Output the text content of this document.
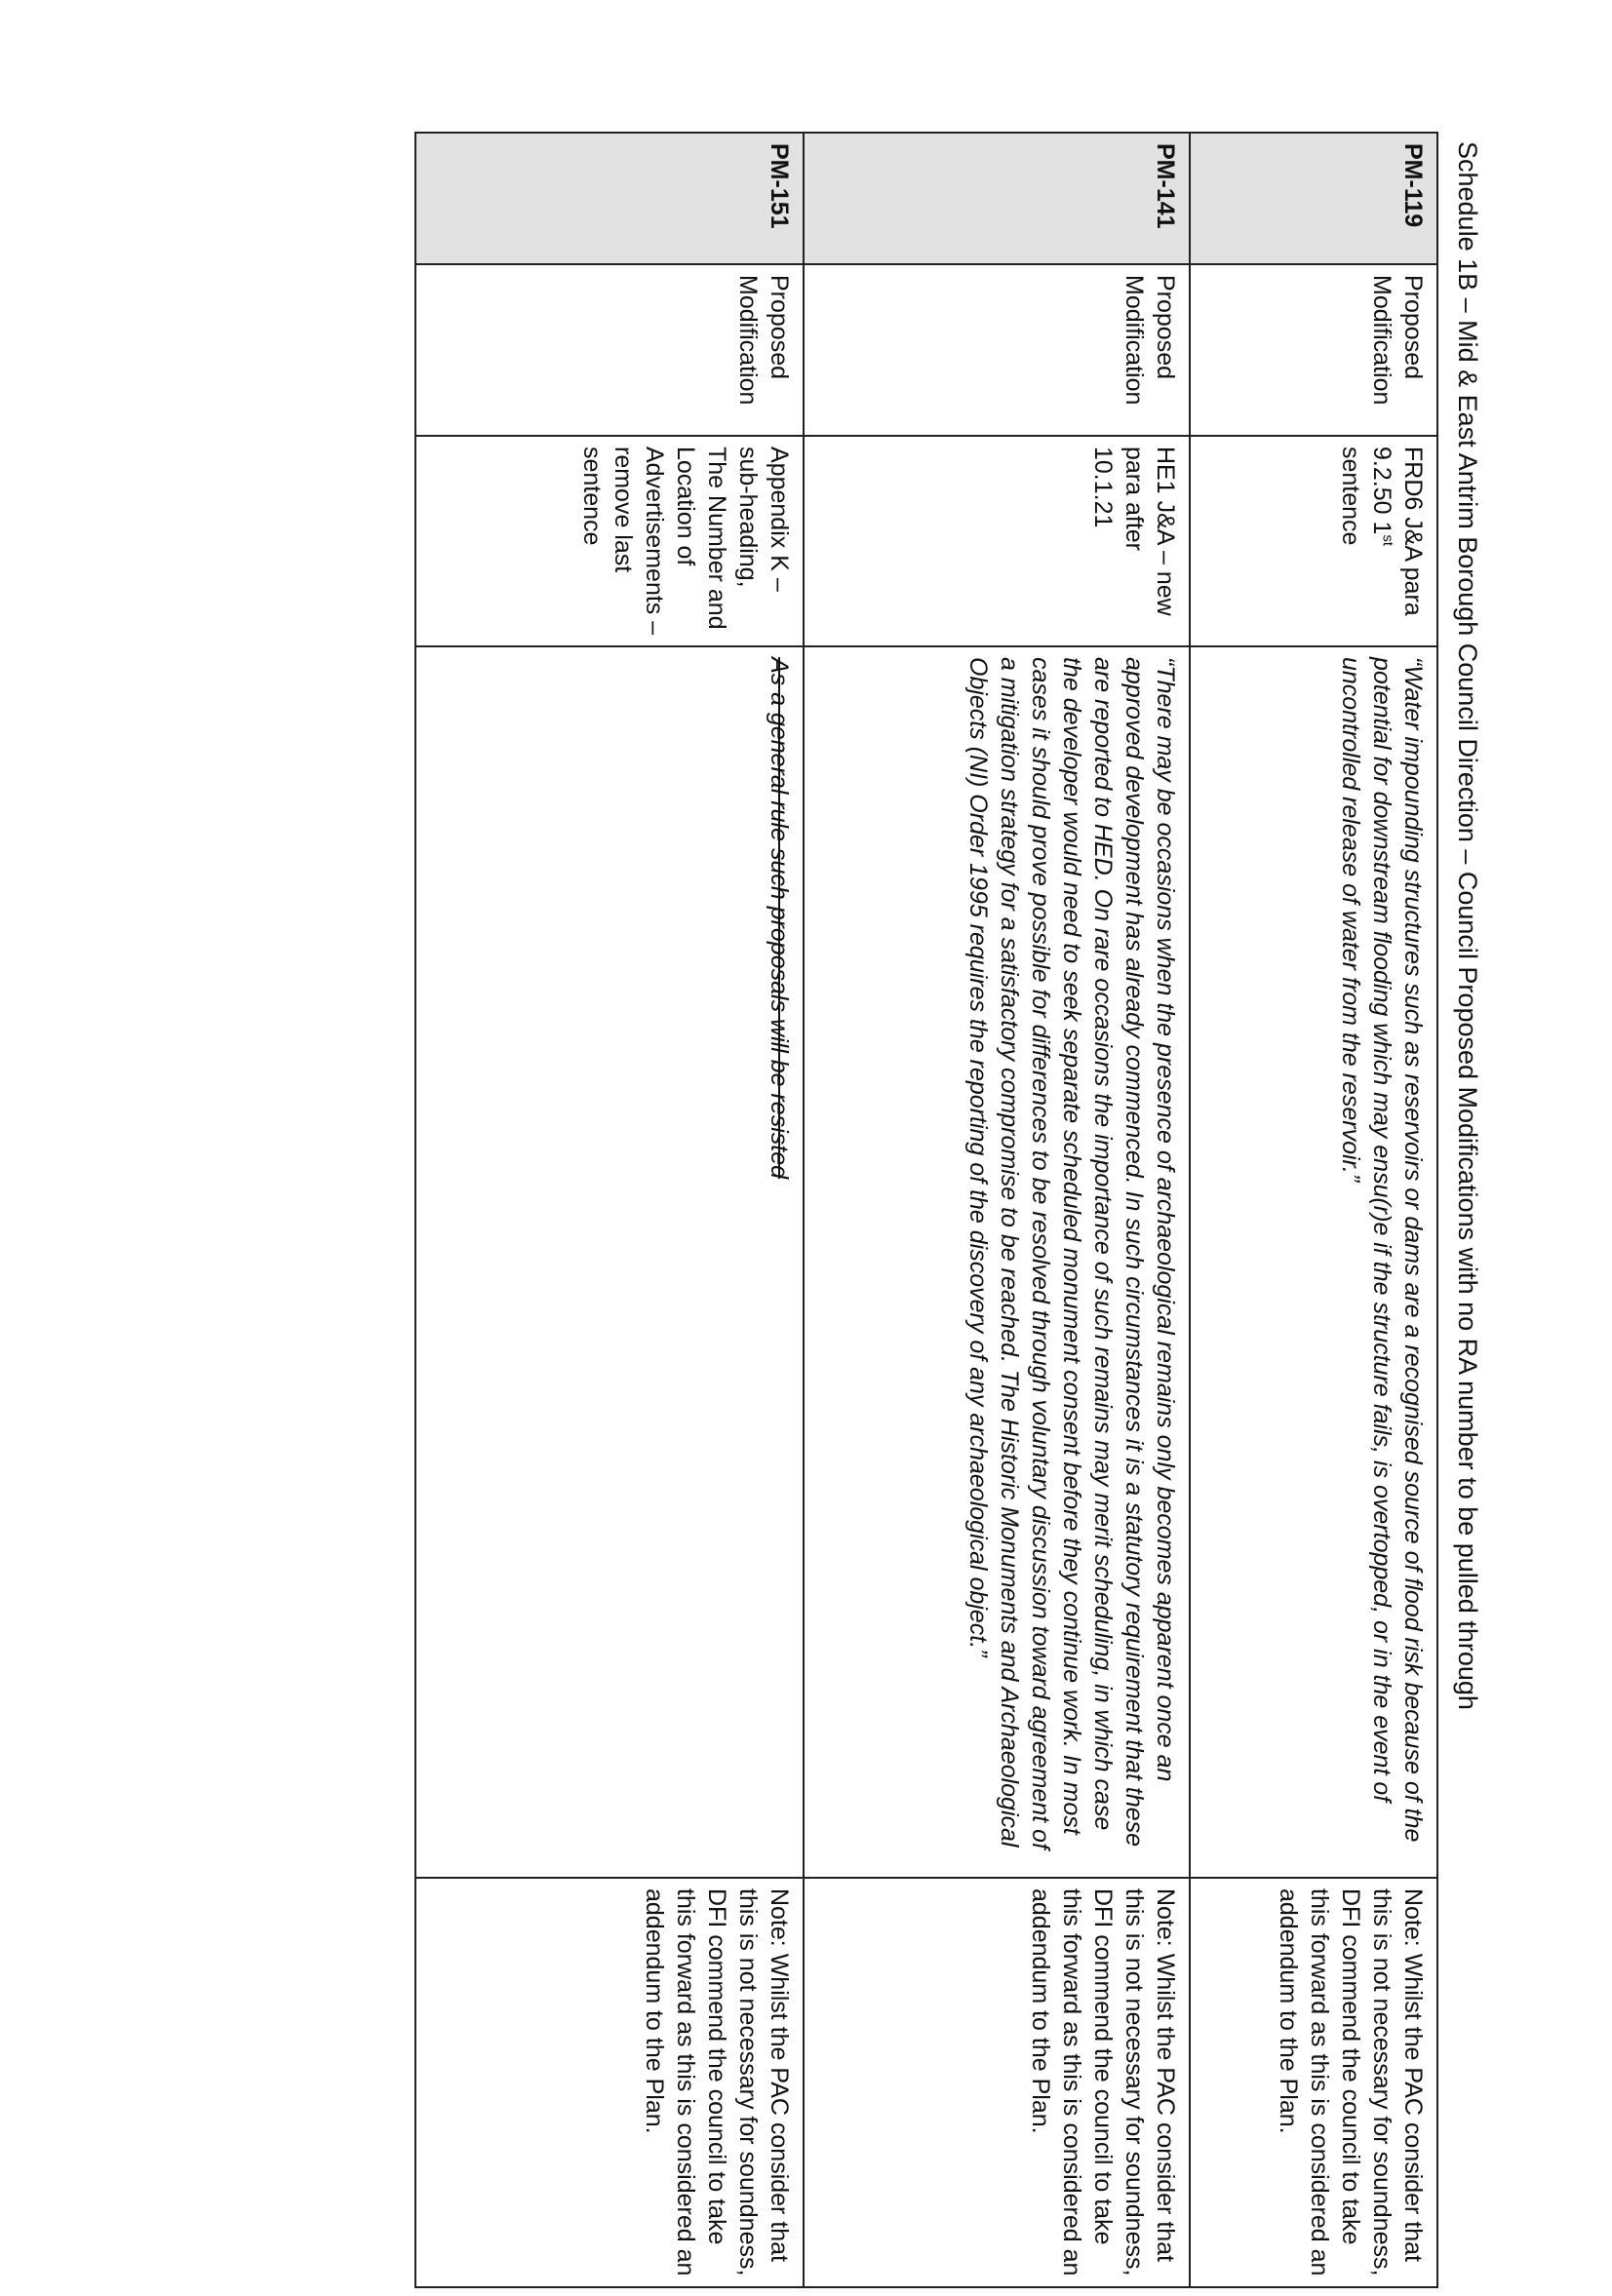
Schedule 1B – Mid & East Antrim Borough Council Direction – Council Proposed Modifications with no RA number to be pulled through
PM-119	Proposed Modification	FRD6 J&A para 9.2.50 1st sentence	“Water impounding structures such as reservoirs or dams are a recognised source of flood risk because of the potential for downstream flooding which may ensu(r)e if the structure fails, is overtopped, or in the event of uncontrolled release of water from the reservoir.”	Note: Whilst the PAC consider that this is not necessary for soundness, DFI commend the council to take this forward as this is considered an addendum to the Plan.
PM-141	Proposed Modification	HE1 J&A – new para after 10.1.21	“There may be occasions when the presence of archaeological remains only becomes apparent once an approved development has already commenced. In such circumstances it is a statutory requirement that these are reported to HED. On rare occasions the importance of such remains may merit scheduling, in which case the developer would need to seek separate scheduled monument consent before they continue work. In most cases it should prove possible for differences to be resolved through voluntary discussion toward agreement of a mitigation strategy for a satisfactory compromise to be reached. The Historic Monuments and Archaeological Objects (NI) Order 1995 requires the reporting of the discovery of any archaeological object.”	Note: Whilst the PAC consider that this is not necessary for soundness, DFI commend the council to take this forward as this is considered an addendum to the Plan.
PM-151	Proposed Modification	Appendix K – sub-heading, The Number and Location of Advertisements – remove last sentence	As a general rule such proposals will be resisted	Note: Whilst the PAC consider that this is not necessary for soundness, DFI commend the council to take this forward as this is considered an addendum to the Plan.
